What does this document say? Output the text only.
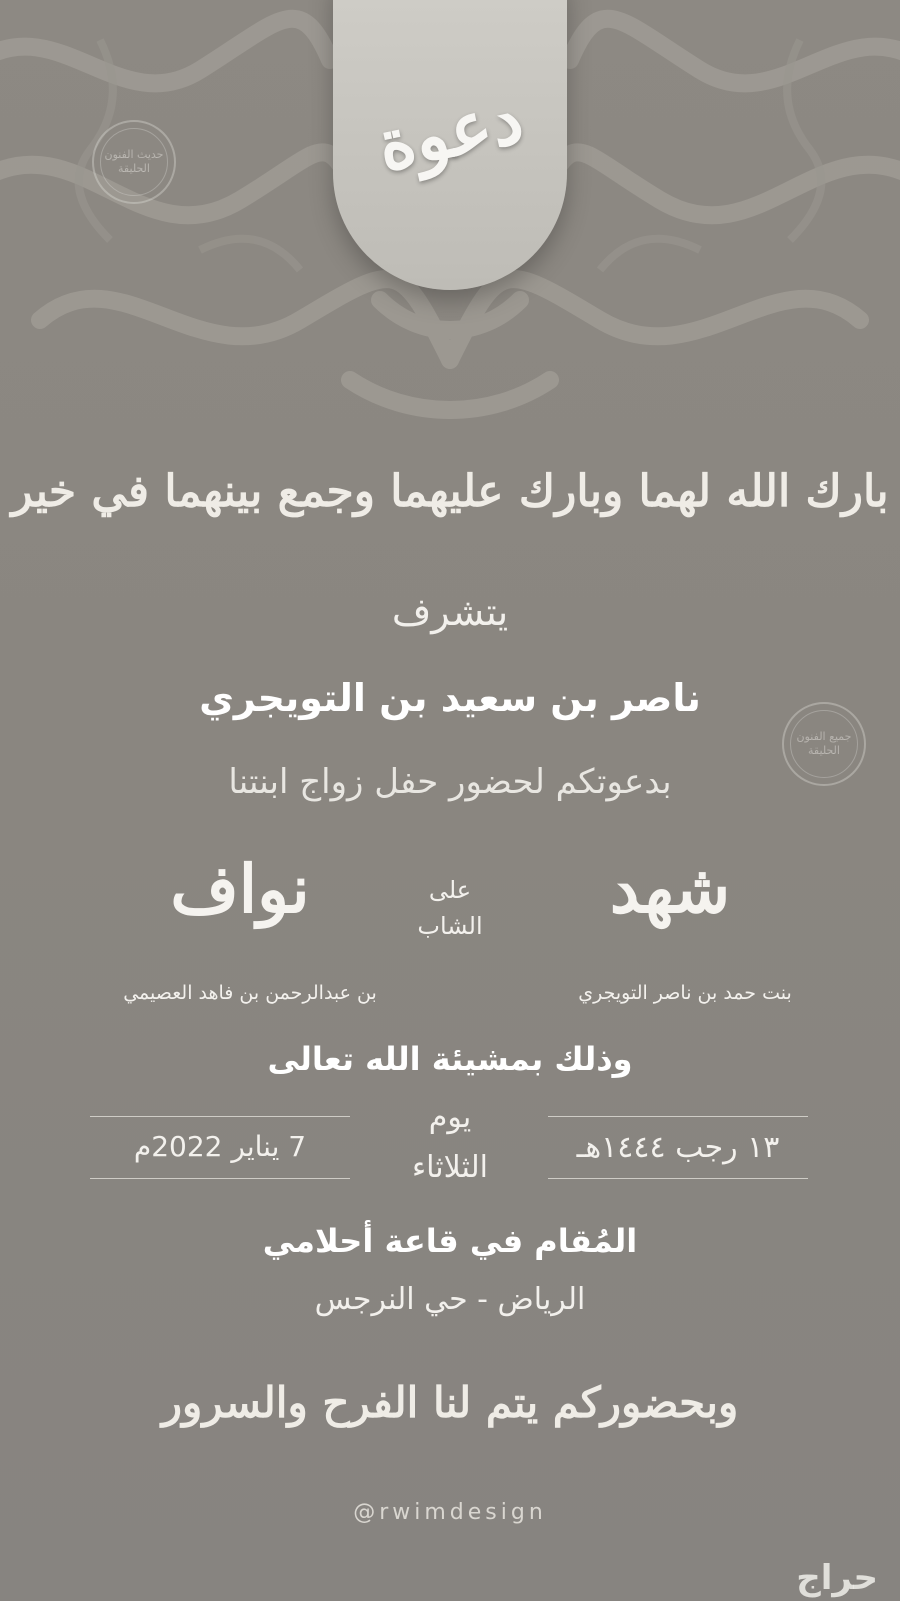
حديث الفنون الحليقة
جميع الفنون الحليقة
دعوة
بارك الله لهما وبارك عليهما وجمع بينهما في خير
يتشرف
ناصر بن سعيد بن التويجري
بدعوتكم لحضور حفل زواج ابنتنا
شهد
على
الشاب
نواف
بنت حمد بن ناصر التويجري
بن عبدالرحمن بن فاهد العصيمي
وذلك بمشيئة الله تعالى
١٣ رجب ١٤٤٤هـ
يوم
الثلاثاء
7 يناير 2022م
المُقام في قاعة أحلامي
الرياض - حي النرجس
وبحضوركم يتم لنا الفرح والسرور
@rwimdesign
حراج
